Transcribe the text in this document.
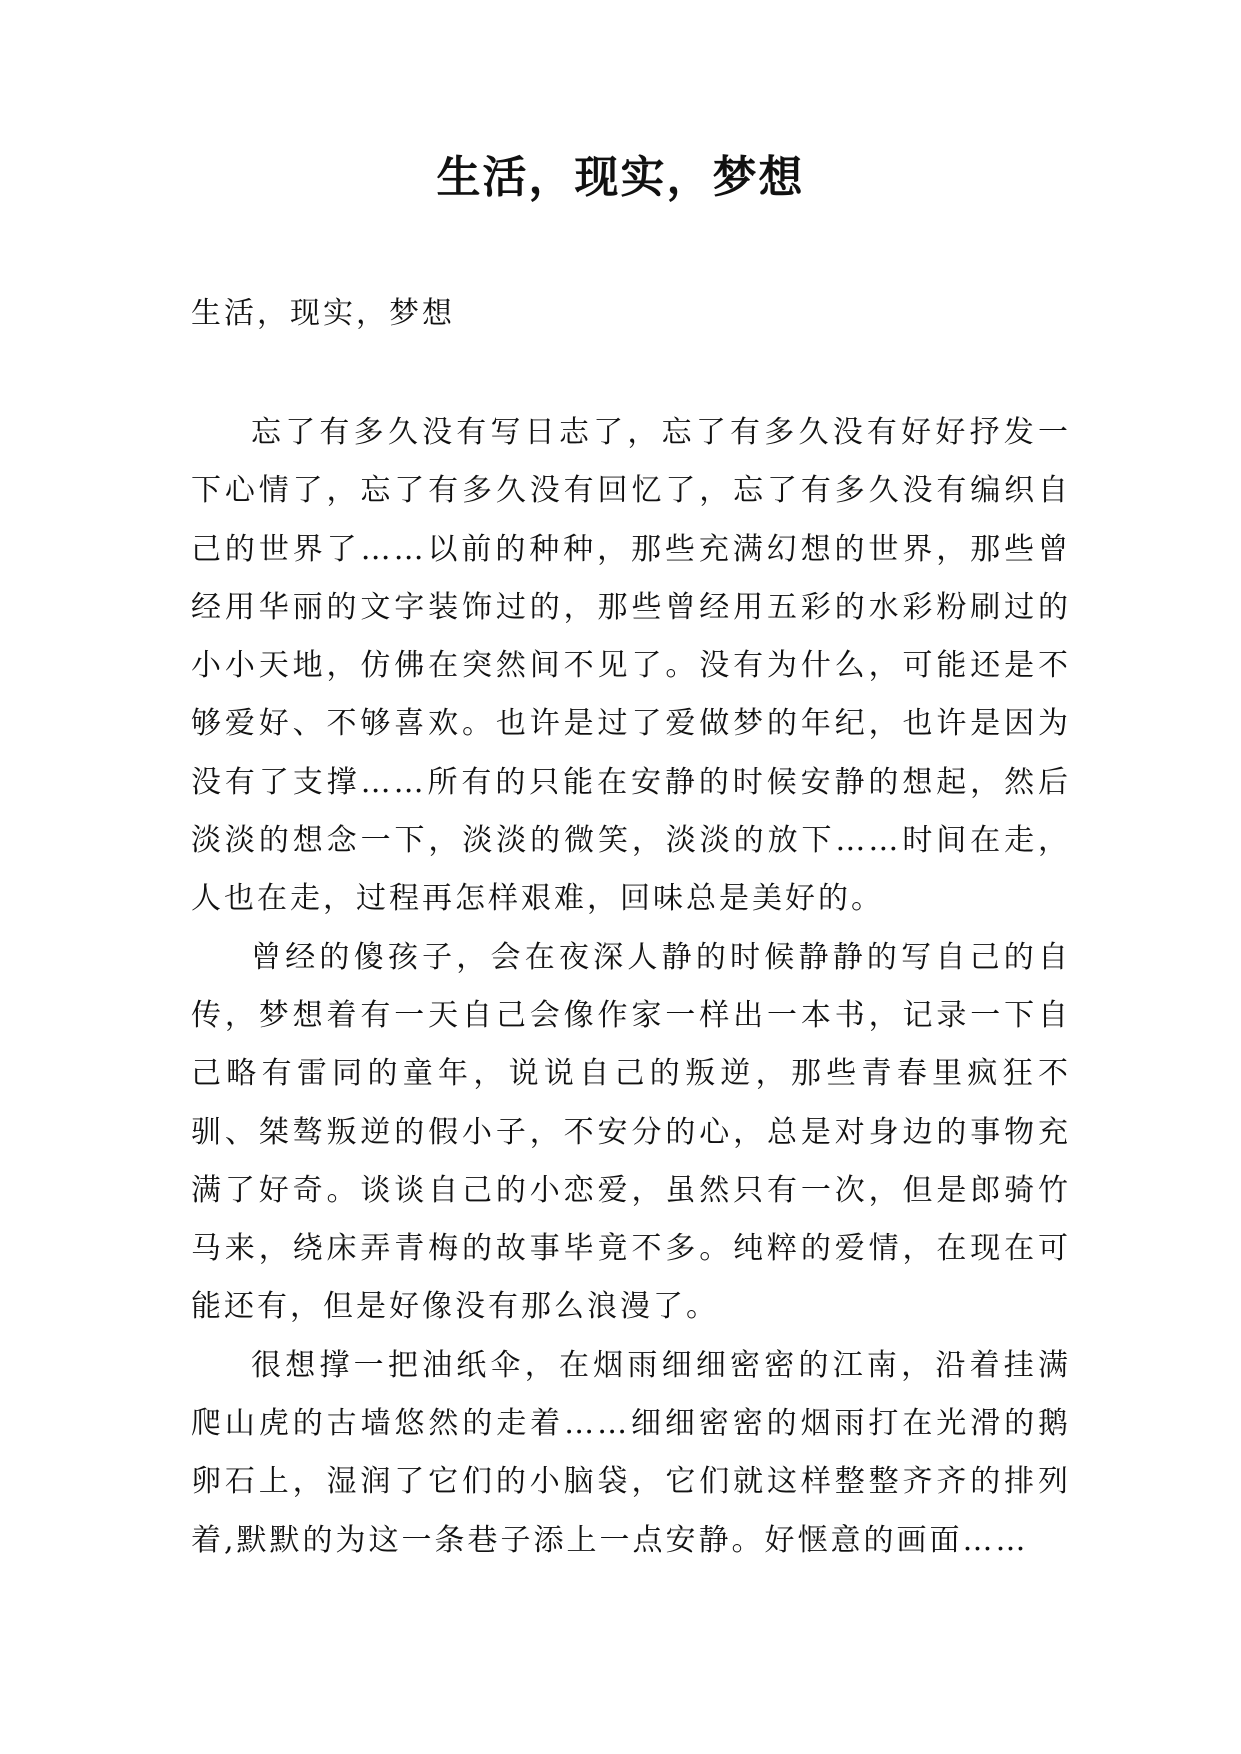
生活，现实，梦想
生活，现实，梦想

忘了有多久没有写日志了，忘了有多久没有好好抒发一下心情了，忘了有多久没有回忆了，忘了有多久没有编织自己的世界了……以前的种种，那些充满幻想的世界，那些曾经用华丽的文字装饰过的，那些曾经用五彩的水彩粉刷过的小小天地，仿佛在突然间不见了。没有为什么，可能还是不够爱好、不够喜欢。也许是过了爱做梦的年纪，也许是因为没有了支撑……所有的只能在安静的时候安静的想起，然后淡淡的想念一下，淡淡的微笑，淡淡的放下……时间在走，人也在走，过程再怎样艰难，回味总是美好的。

曾经的傻孩子，会在夜深人静的时候静静的写自己的自传，梦想着有一天自己会像作家一样出一本书，记录一下自己略有雷同的童年，说说自己的叛逆，那些青春里疯狂不驯、桀骜叛逆的假小子，不安分的心，总是对身边的事物充满了好奇。谈谈自己的小恋爱，虽然只有一次，但是郎骑竹马来，绕床弄青梅的故事毕竟不多。纯粹的爱情，在现在可能还有，但是好像没有那么浪漫了。

很想撑一把油纸伞，在烟雨细细密密的江南，沿着挂满爬山虎的古墙悠然的走着……细细密密的烟雨打在光滑的鹅卵石上，湿润了它们的小脑袋，它们就这样整整齐齐的排列着,默默的为这一条巷子添上一点安静。好惬意的画面……
